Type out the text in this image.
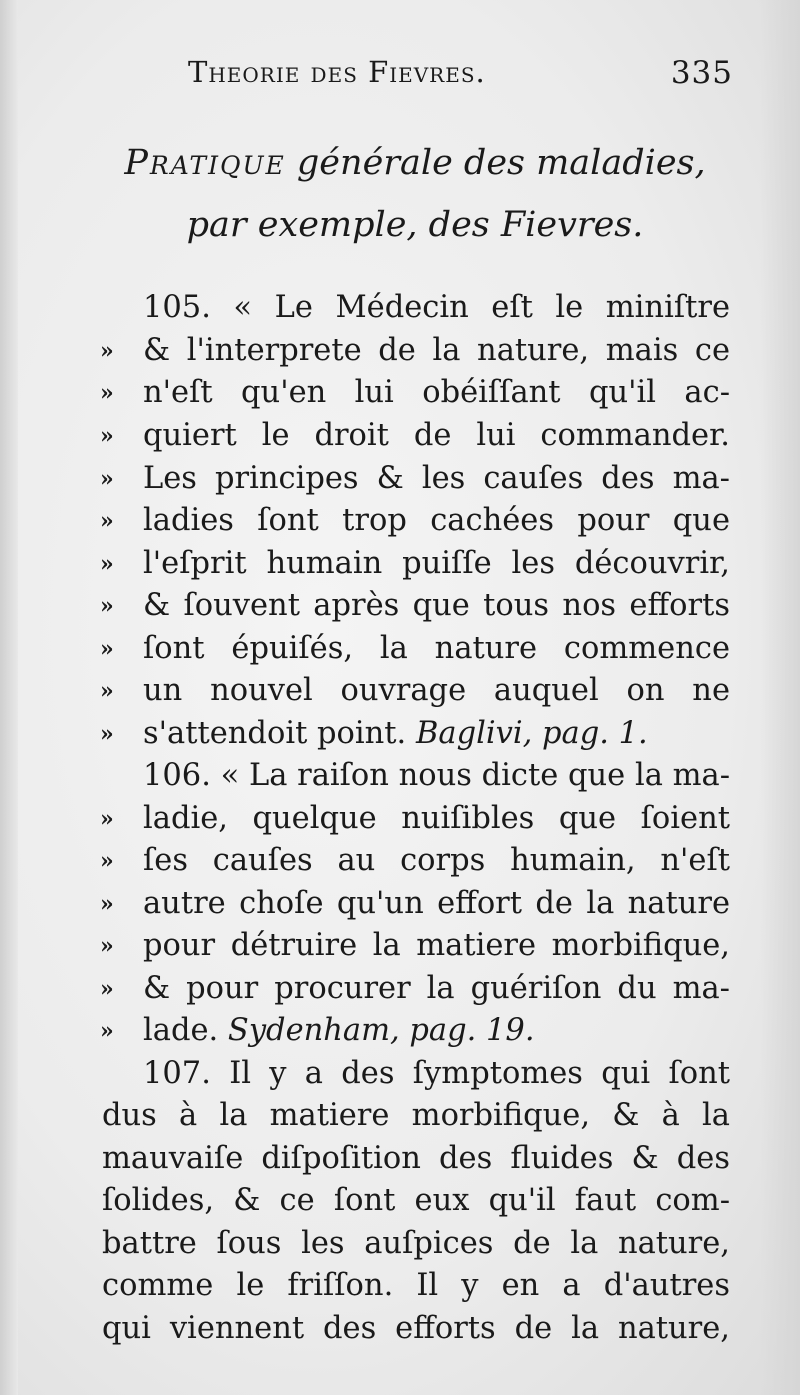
Theorie des Fievres.	335
Pratique générale des maladies,
par exemple, des Fievres.
105. « Le Médecin eſt le miniſtre
» & l'interprete de la nature, mais ce
» n'eſt qu'en lui obéiſſant qu'il ac-
» quiert le droit de lui commander.
» Les principes & les cauſes des ma-
» ladies ſont trop cachées pour que
» l'eſprit humain puiſſe les découvrir,
» & ſouvent après que tous nos efforts
» ſont épuiſés, la nature commence
» un nouvel ouvrage auquel on ne
» s'attendoit point. Baglivi, pag. 1.
106. « La raiſon nous dicte que la ma-
» ladie, quelque nuiſibles que ſoient
» ſes cauſes au corps humain, n'eſt
» autre choſe qu'un effort de la nature
» pour détruire la matiere morbifique,
» & pour procurer la guériſon du ma-
» lade. Sydenham, pag. 19.
107. Il y a des ſymptomes qui ſont
dus à la matiere morbifique, & à la
mauvaiſe diſpoſition des fluides & des
ſolides, & ce ſont eux qu'il faut com-
battre ſous les auſpices de la nature,
comme le friſſon. Il y en a d'autres
qui viennent des efforts de la nature,
